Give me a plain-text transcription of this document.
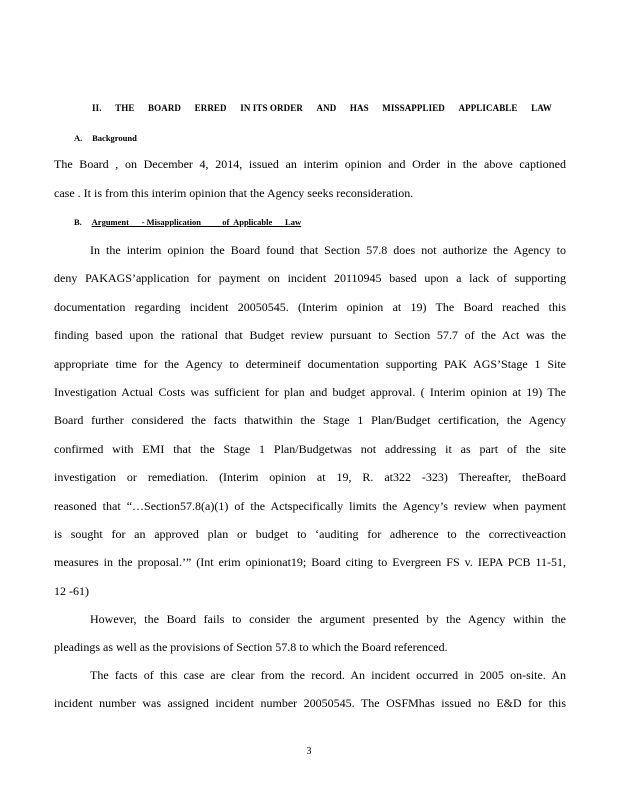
II. THE BOARD ERRED IN ITS ORDER AND HAS MISSAPPLIED APPLICABLE LAW
A. Background
The Board , on December 4, 2014, issued an interim opinion and Order in the above captioned
case . It is from this interim opinion that the Agency seeks reconsideration.
B. Argument      - Misapplication          of  Applicable      Law
In the interim opinion the Board found that Section 57.8 does not authorize the Agency to
deny PAKAGS’application for payment on incident 20110945 based upon a lack of supporting
documentation regarding incident 20050545. (Interim opinion at 19) The Board reached this
finding based upon the rational that Budget review pursuant to Section 57.7 of the Act was the
appropriate time for the Agency to determineif documentation supporting PAK AGS’Stage 1 Site
Investigation Actual Costs was sufficient for plan and budget approval. ( Interim opinion at 19) The
Board further considered the facts thatwithin the Stage 1 Plan/Budget certification, the Agency
confirmed with EMI that the Stage 1 Plan/Budgetwas not addressing it as part of the site
investigation or remediation. (Interim opinion at 19, R. at322 -323) Thereafter, theBoard
reasoned that “…Section57.8(a)(1) of the Actspecifically limits the Agency’s review when payment
is sought for an approved plan or budget to ‘auditing for adherence to the correctiveaction
measures in the proposal.’” (Int erim opinionat19; Board citing to Evergreen FS v. IEPA PCB 11-51,
12 -61)
However, the Board fails to consider the argument presented by the Agency within the
pleadings as well as the provisions of Section 57.8 to which the Board referenced.
The facts of this case are clear from the record. An incident occurred in 2005 on-site. An
incident number was assigned incident number 20050545. The OSFMhas issued no E&D for this
3
